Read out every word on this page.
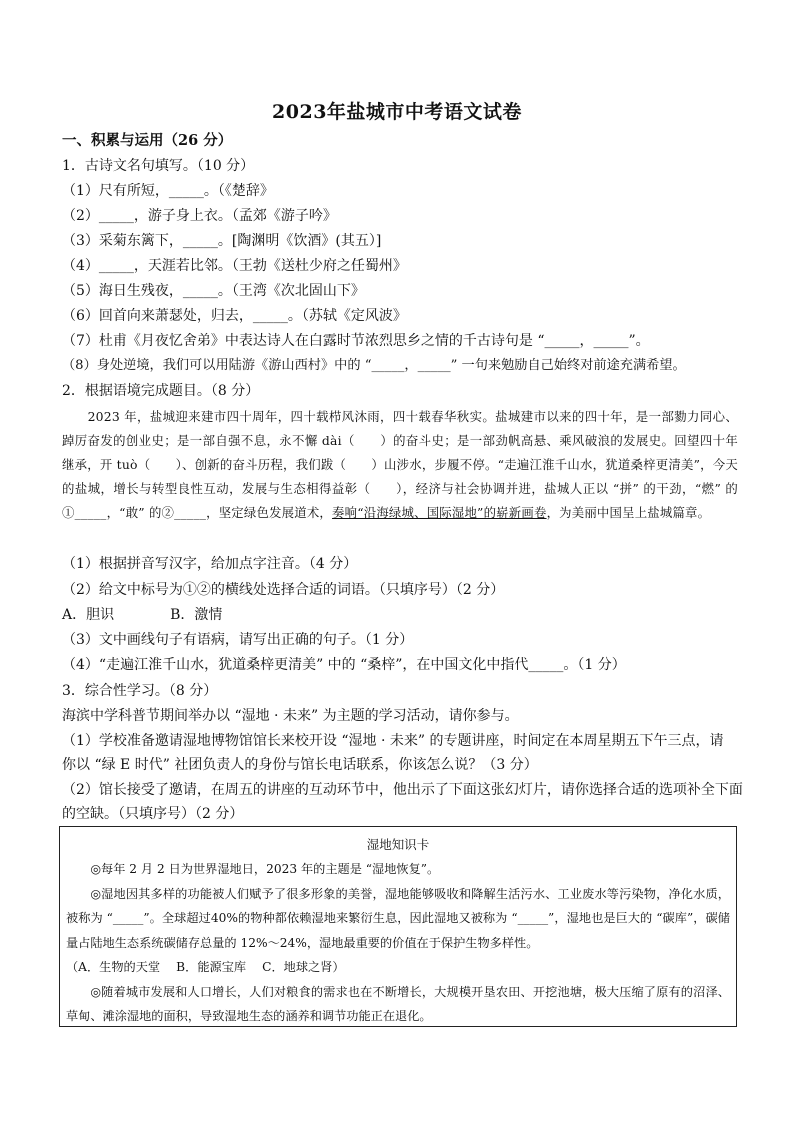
2023年盐城市中考语文试卷
一、积累与运用（26 分）
1．古诗文名句填写。（10 分）
（1）尺有所短，_____。（《楚辞》
（2）_____，游子身上衣。（孟郊《游子吟》
（3）采菊东篱下，_____。[陶渊明《饮酒》(其五）]
（4）_____，天涯若比邻。（王勃《送杜少府之任蜀州》
（5）海日生残夜，_____。（王湾《次北固山下》
（6）回首向来萧瑟处，归去，_____。（苏轼《定风波》
（7）杜甫《月夜忆舍弟》中表达诗人在白露时节浓烈思乡之情的千古诗句是 “_____，_____”。
（8）身处逆境，我们可以用陆游《游山西村》中的 “_____，_____” 一句来勉励自己始终对前途充满希望。
2．根据语境完成题目。（8 分）
　　2023 年，盐城迎来建市四十周年，四十载栉风沐雨，四十载春华秋实。盐城建市以来的四十年，是一部勠力同心、踔厉奋发的创业史；是一部自强不息，永不懈 dài（　　）的奋斗史；是一部劲帆高悬、乘风破浪的发展史。回望四十年继承，开 tuò（　　）、创新的奋斗历程，我们跋（　　）山涉水，步履不停。“走遍江淮千山水，犹道桑梓更清美”，今天的盐城，增长与转型良性互动，发展与生态相得益彰（　　），经济与社会协调并进，盐城人正以 “拼” 的干劲，“燃” 的①_____，“敢” 的②_____，坚定绿色发展道术，奏响“沿海绿城、国际湿地”的崭新画卷，为美丽中国呈上盐城篇章。
（1）根据拼音写汉字，给加点字注音。（4 分）
（2）给文中标号为①②的横线处选择合适的词语。（只填序号）（2 分）
A．胆识　　　　B．激情
（3）文中画线句子有语病，请写出正确的句子。（1 分）
（4）“走遍江淮千山水，犹道桑梓更清美” 中的 “桑梓”，在中国文化中指代_____。（1 分）
3．综合性学习。（8 分）
海滨中学科普节期间举办以 “湿地 · 未来” 为主题的学习活动，请你参与。
（1）学校准备邀请湿地博物馆馆长来校开设 “湿地 · 未来” 的专题讲座，时间定在本周星期五下午三点，请
你以 “绿 E 时代” 社团负责人的身份与馆长电话联系，你该怎么说？（3 分）
（2）馆长接受了邀请，在周五的讲座的互动环节中，他出示了下面这张幻灯片，请你选择合适的选项补全下面
的空缺。（只填序号）（2 分）
湿地知识卡

◎每年 2 月 2 日为世界湿地日，2023 年的主题是 “湿地恢复”。

◎湿地因其多样的功能被人们赋予了很多形象的美誉，湿地能够吸收和降解生活污水、工业废水等污染物，净化水质，被称为 “_____”。全球超过40%的物种都依赖湿地来繁衍生息，因此湿地又被称为 “_____”，湿地也是巨大的 “碳库”，碳储量占陆地生态系统碳储存总量的 12%～24%，湿地最重要的价值在于保护生物多样性。

（A．生物的天堂　 B．能源宝库　 C．地球之肾）

◎随着城市发展和人口增长，人们对粮食的需求也在不断增长，大规模开垦农田、开挖池塘，极大压缩了原有的沼泽、草甸、滩涂湿地的面积，导致湿地生态的涵养和调节功能正在退化。
